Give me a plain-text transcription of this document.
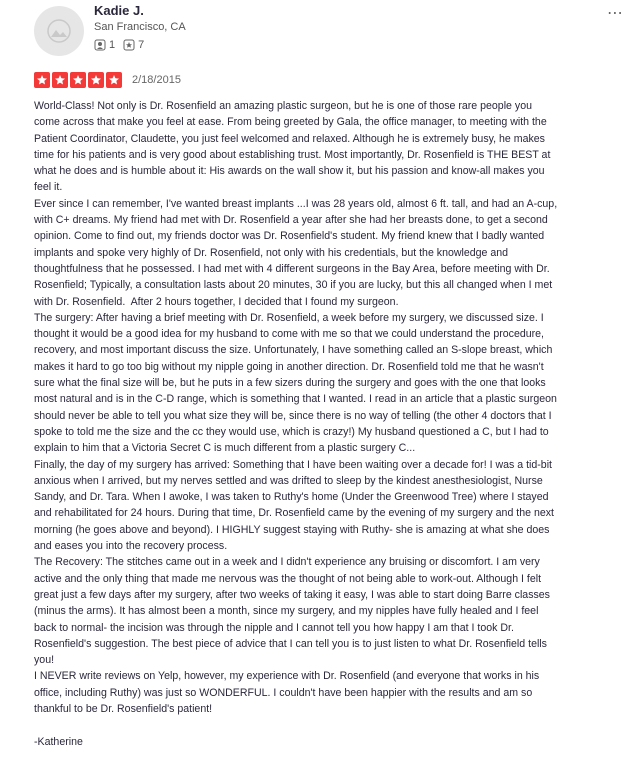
Kadie J.
San Francisco, CA
1 7
⋯
2/18/2015
World-Class! Not only is Dr. Rosenfield an amazing plastic surgeon, but he is one of those rare people you come across that make you feel at ease. From being greeted by Gala, the office manager, to meeting with the Patient Coordinator, Claudette, you just feel welcomed and relaxed. Although he is extremely busy, he makes time for his patients and is very good about establishing trust. Most importantly, Dr. Rosenfield is THE BEST at what he does and is humble about it: His awards on the wall show it, but his passion and know-all makes you feel it.
Ever since I can remember, I've wanted breast implants ...I was 28 years old, almost 6 ft. tall, and had an A-cup, with C+ dreams. My friend had met with Dr. Rosenfield a year after she had her breasts done, to get a second opinion. Come to find out, my friends doctor was Dr. Rosenfield's student. My friend knew that I badly wanted implants and spoke very highly of Dr. Rosenfield, not only with his credentials, but the knowledge and thoughtfulness that he possessed. I had met with 4 different surgeons in the Bay Area, before meeting with Dr. Rosenfield; Typically, a consultation lasts about 20 minutes, 30 if you are lucky, but this all changed when I met with Dr. Rosenfield.  After 2 hours together, I decided that I found my surgeon.
The surgery: After having a brief meeting with Dr. Rosenfield, a week before my surgery, we discussed size. I thought it would be a good idea for my husband to come with me so that we could understand the procedure, recovery, and most important discuss the size. Unfortunately, I have something called an S-slope breast, which makes it hard to go too big without my nipple going in another direction. Dr. Rosenfield told me that he wasn't sure what the final size will be, but he puts in a few sizers during the surgery and goes with the one that looks most natural and is in the C-D range, which is something that I wanted. I read in an article that a plastic surgeon should never be able to tell you what size they will be, since there is no way of telling (the other 4 doctors that I spoke to told me the size and the cc they would use, which is crazy!) My husband questioned a C, but I had to explain to him that a Victoria Secret C is much different from a plastic surgery C...
Finally, the day of my surgery has arrived: Something that I have been waiting over a decade for! I was a tid-bit anxious when I arrived, but my nerves settled and was drifted to sleep by the kindest anesthesiologist, Nurse Sandy, and Dr. Tara. When I awoke, I was taken to Ruthy's home (Under the Greenwood Tree) where I stayed and rehabilitated for 24 hours. During that time, Dr. Rosenfield came by the evening of my surgery and the next morning (he goes above and beyond). I HIGHLY suggest staying with Ruthy- she is amazing at what she does and eases you into the recovery process.
The Recovery: The stitches came out in a week and I didn't experience any bruising or discomfort. I am very active and the only thing that made me nervous was the thought of not being able to work-out. Although I felt great just a few days after my surgery, after two weeks of taking it easy, I was able to start doing Barre classes (minus the arms). It has almost been a month, since my surgery, and my nipples have fully healed and I feel back to normal- the incision was through the nipple and I cannot tell you how happy I am that I took Dr. Rosenfield's suggestion. The best piece of advice that I can tell you is to just listen to what Dr. Rosenfield tells you!
I NEVER write reviews on Yelp, however, my experience with Dr. Rosenfield (and everyone that works in his office, including Ruthy) was just so WONDERFUL. I couldn't have been happier with the results and am so thankful to be Dr. Rosenfield's patient!

-Katherine
